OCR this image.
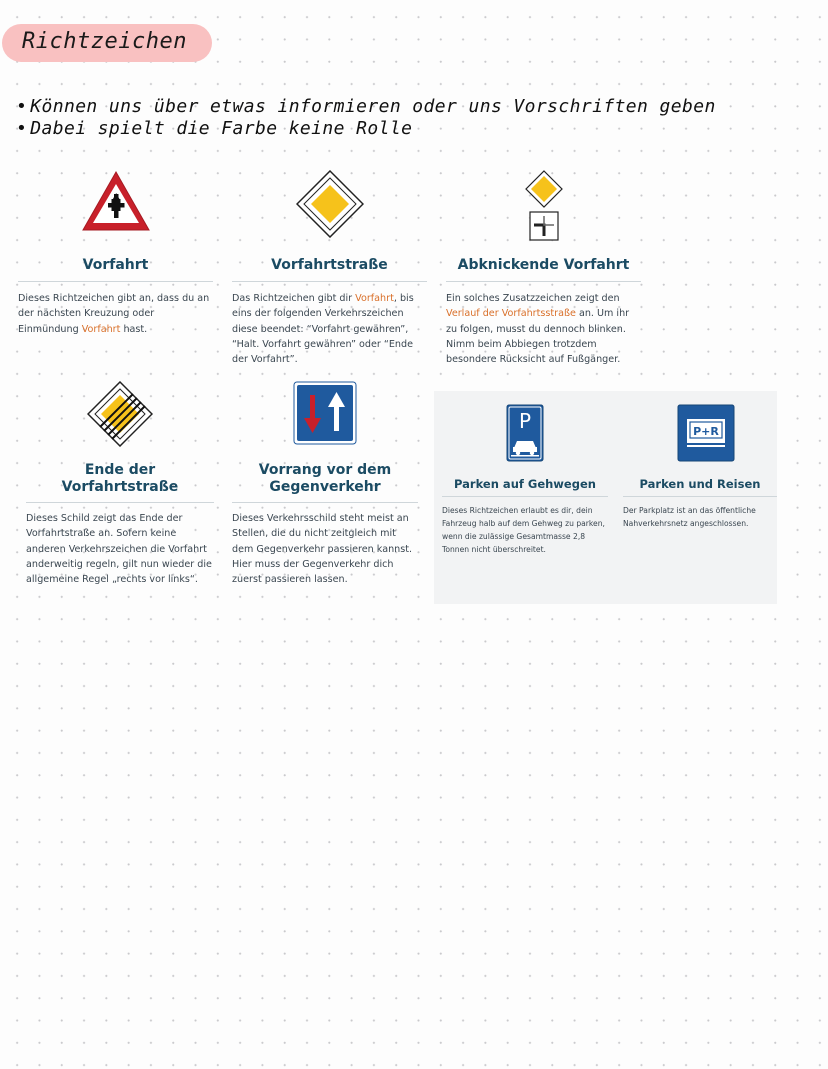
Richtzeichen
• Können uns über etwas informieren oder uns Vorschriften geben
• Dabei spielt die Farbe keine Rolle
Vorfahrt

Dieses Richtzeichen gibt an, dass du an der nächsten Kreuzung oder Einmündung Vorfahrt hast.

Vorfahrtstraße

Das Richtzeichen gibt dir Vorfahrt, bis eins der folgenden Verkehrszeichen diese beendet: “Vorfahrt gewähren”, “Halt. Vorfahrt gewähren” oder “Ende der Vorfahrt”.

Abknickende Vorfahrt

Ein solches Zusatzzeichen zeigt den Verlauf der Vorfahrtsstraße an. Um ihr zu folgen, musst du dennoch blinken. Nimm beim Abbiegen trotzdem besondere Rücksicht auf Fußgänger.

Ende der Vorfahrtstraße

Dieses Schild zeigt das Ende der Vorfahrtstraße an. Sofern keine anderen Verkehrszeichen die Vorfahrt anderweitig regeln, gilt nun wieder die allgemeine Regel „rechts vor links“.

Vorrang vor dem Gegenverkehr

Dieses Verkehrsschild steht meist an Stellen, die du nicht zeitgleich mit dem Gegenverkehr passieren kannst. Hier muss der Gegenverkehr dich zuerst passieren lassen.

P
Parken auf Gehwegen

Dieses Richtzeichen erlaubt es dir, dein Fahrzeug halb auf dem Gehweg zu parken, wenn die zulässige Gesamtmasse 2,8 Tonnen nicht überschreitet.

P+R
Parken und Reisen

Der Parkplatz ist an das öffentliche Nahverkehrsnetz angeschlossen.
